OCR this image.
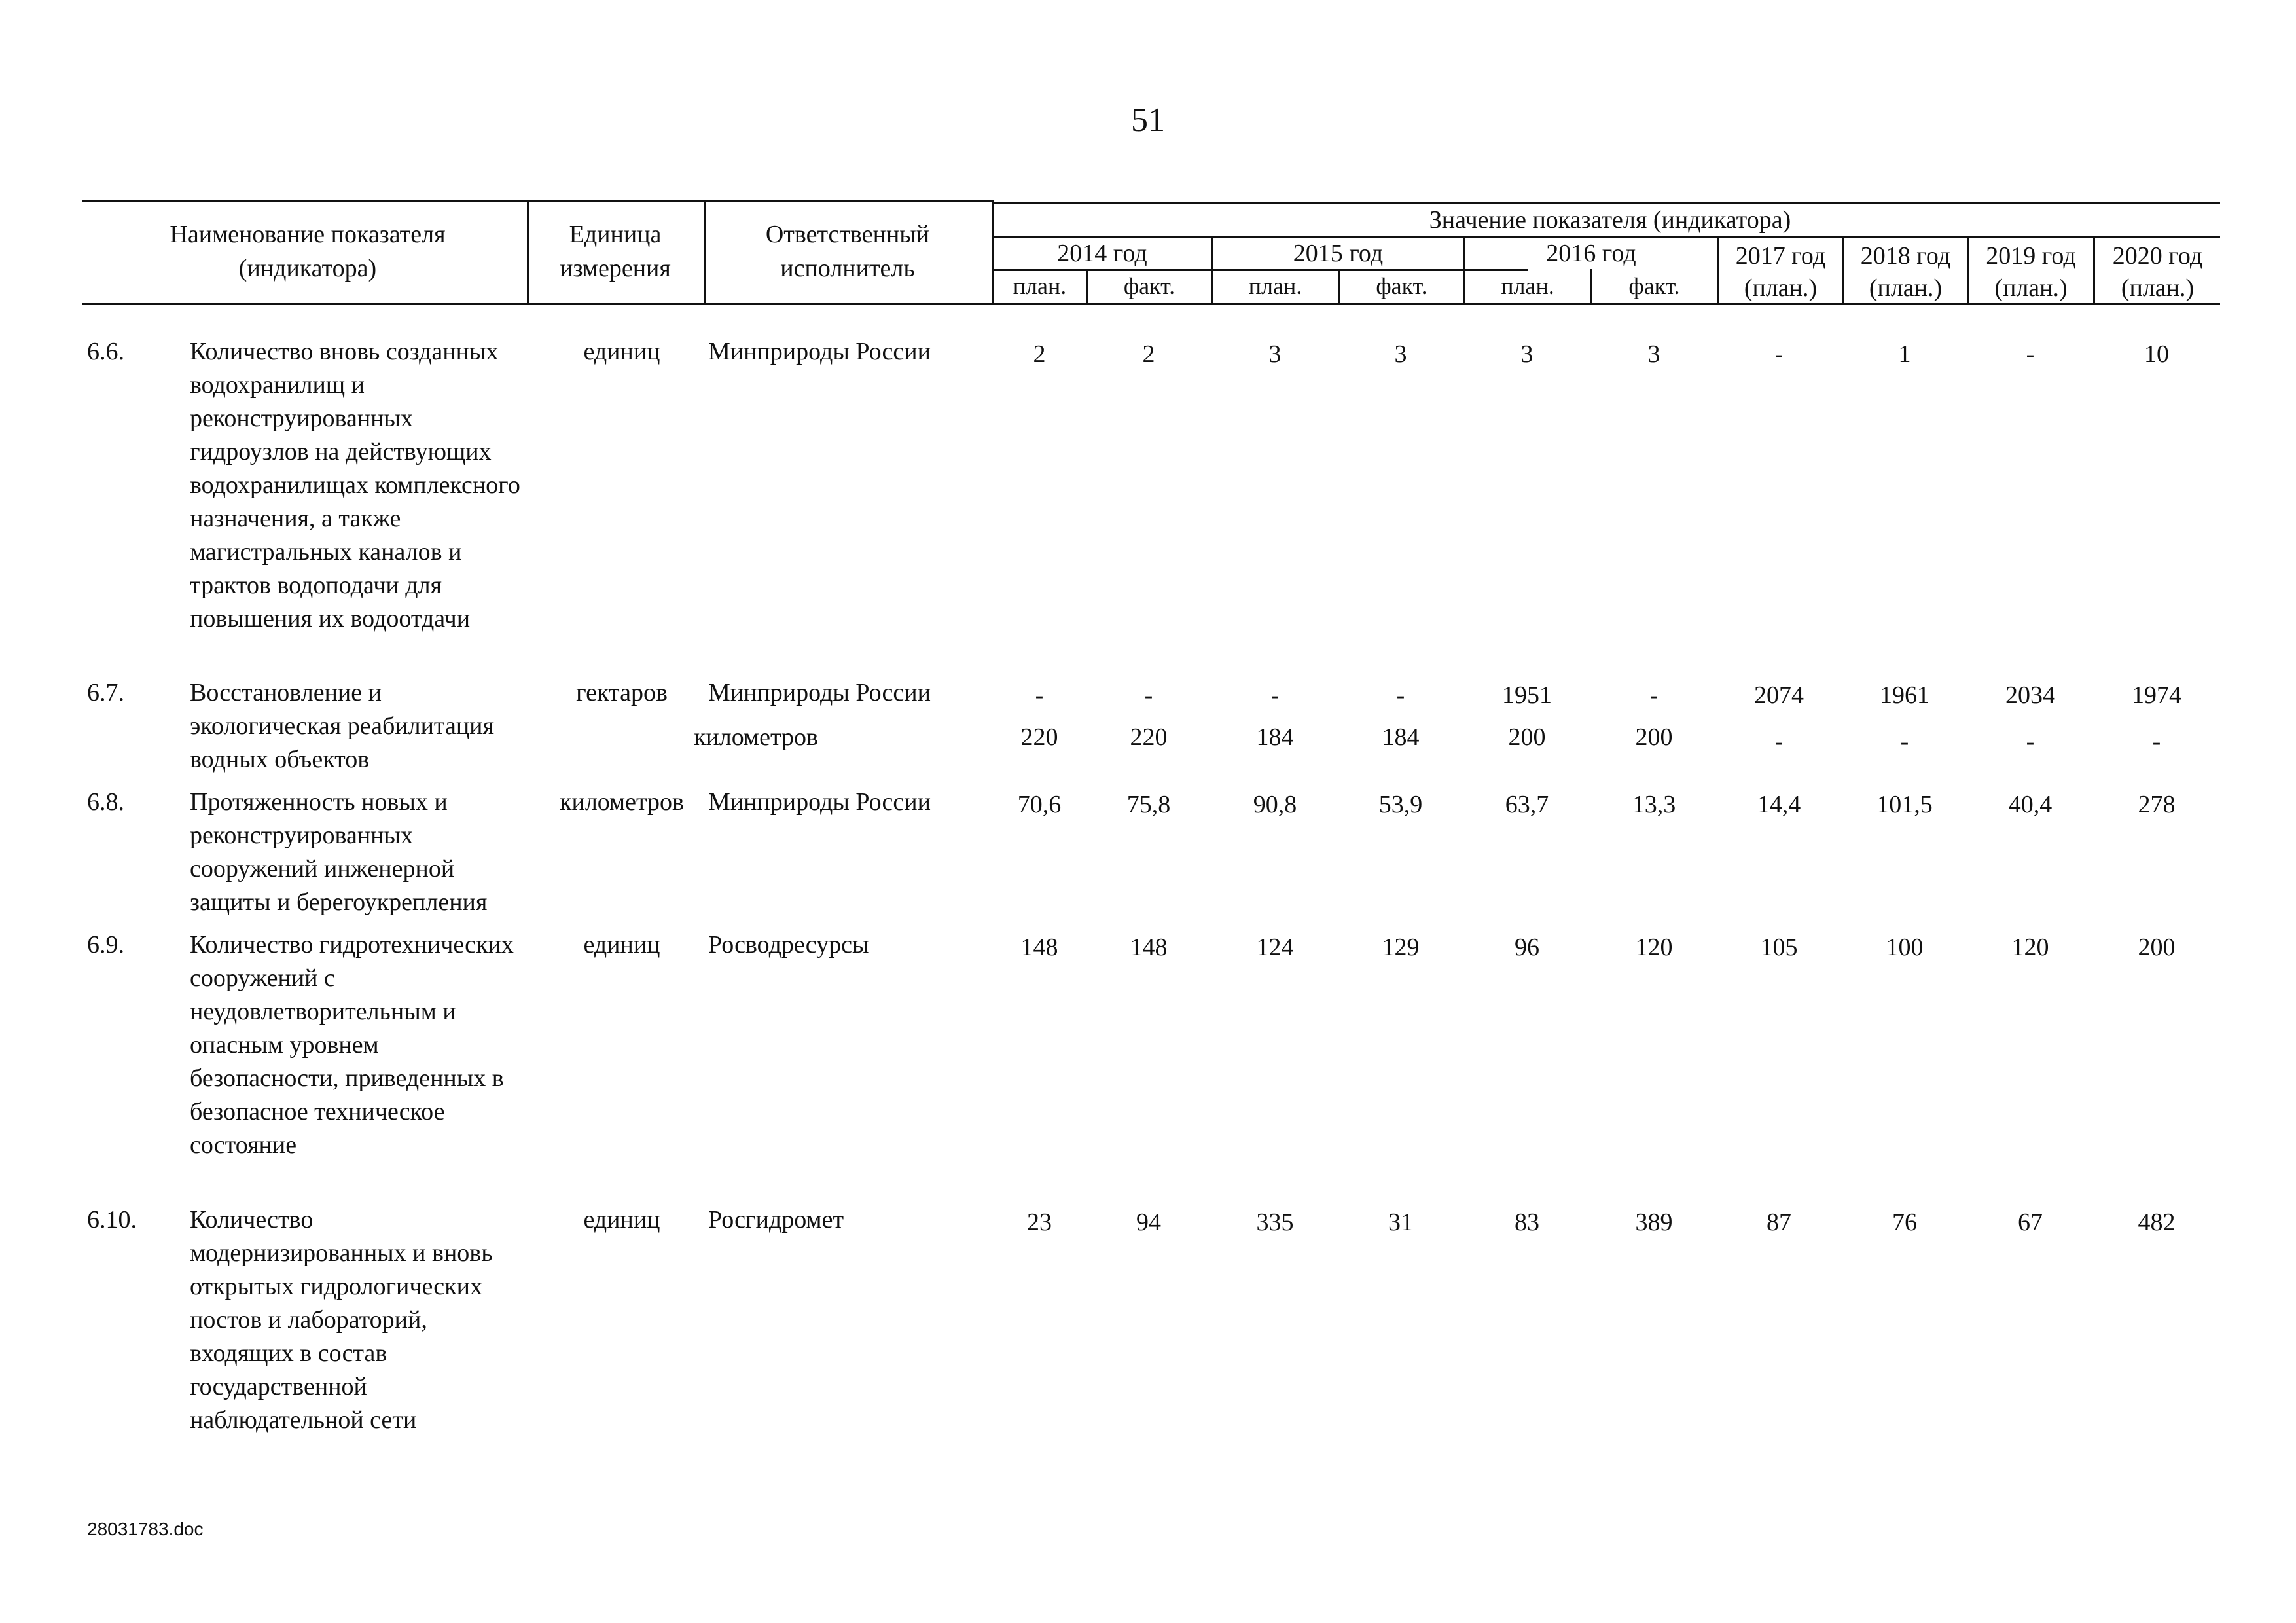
51
Наименование показателя (индикатора)
Единица измерения
Ответственный исполнитель
Значение показателя (индикатора)
2014 год	2015 год	2016 год
план.	факт.	план.	факт.	план.	факт.
2017 год	2018 год	2019 год	2020 год
(план.)	(план.)	(план.)	(план.)
6.6.	Количество вновь созданных водохранилищ и реконструированных гидроузлов на действующих водохранилищах комплексного назначения, а также магистральных каналов и трактов водоподачи для повышения их водоотдачи
единиц	Минприроды России	2	2	3	3	3	3	-	1	-	10
6.7.	Восстановление и экологическая реабилитация водных объектов
гектаров	Минприроды России	-	-	-	-	1951	-	2074	1961	2034	1974
километров	220	220	184	184	200	200	-	-	-	-
6.8.	Протяженность новых и реконструированных сооружений инженерной защиты и берегоукрепления
километров Минприроды России	70,6	75,8	90,8	53,9	63,7	13,3	14,4	101,5	40,4	278
6.9.	Количество гидротехнических сооружений с неудовлетворительным и опасным уровнем безопасности, приведенных в безопасное техническое состояние
единиц	Росводресурсы	148	148	124	129	96	120	105	100	120	200
6.10. Количество модернизированных и вновь открытых гидрологических постов и лабораторий, входящих в состав государственной наблюдательной сети
единиц	Росгидромет	23	94	335	31	83	389	87	76	67	482
28031783.doc
